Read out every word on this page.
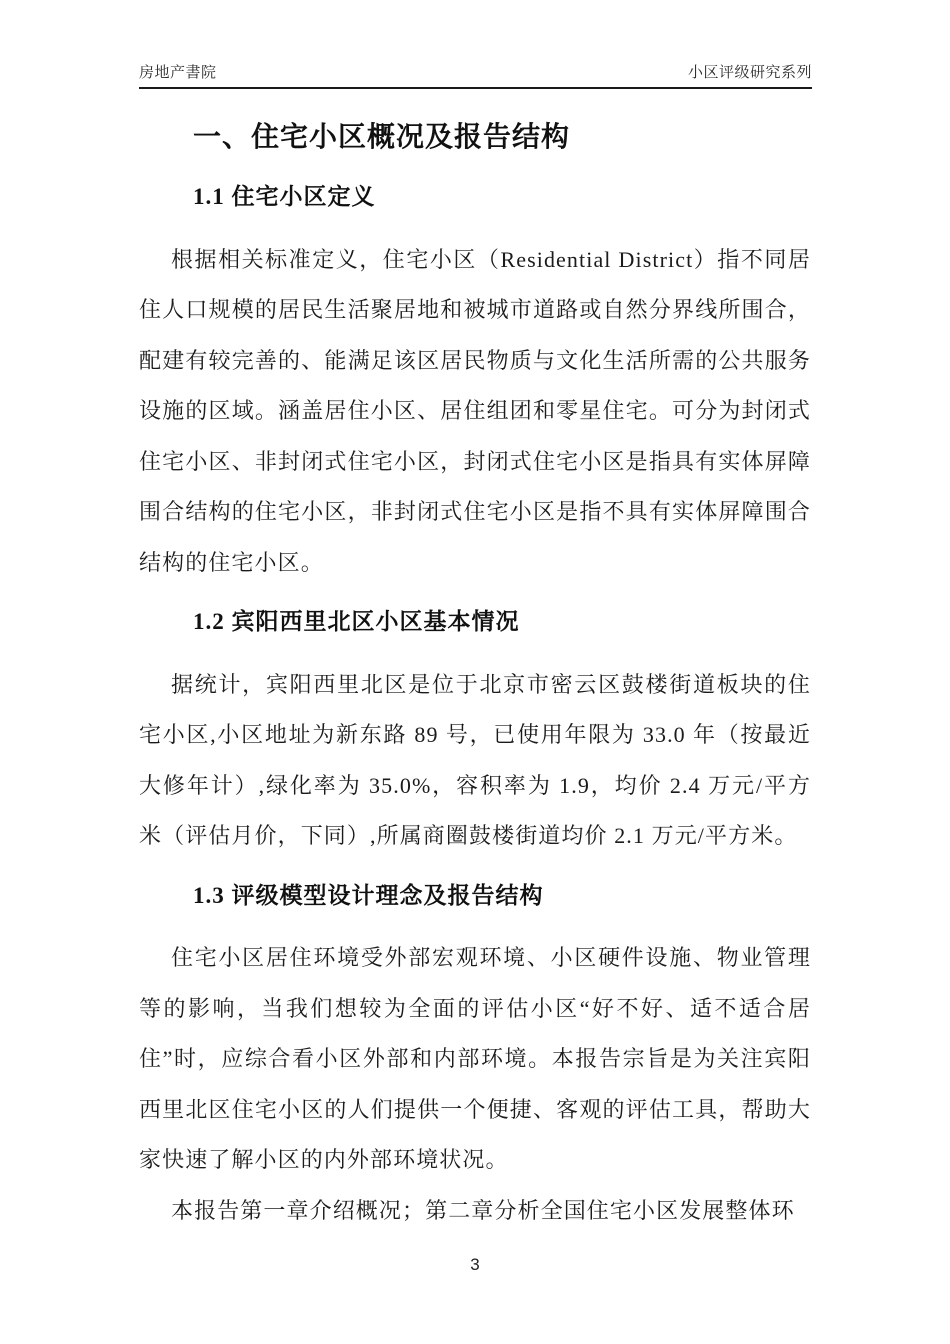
房地产書院	小区评级研究系列
一、住宅小区概况及报告结构
1.1 住宅小区定义

根据相关标准定义，住宅小区（Residential District）指不同居住人口规模的居民生活聚居地和被城市道路或自然分界线所围合，配建有较完善的、能满足该区居民物质与文化生活所需的公共服务设施的区域。涵盖居住小区、居住组团和零星住宅。可分为封闭式住宅小区、非封闭式住宅小区，封闭式住宅小区是指具有实体屏障围合结构的住宅小区，非封闭式住宅小区是指不具有实体屏障围合结构的住宅小区。

1.2 宾阳西里北区小区基本情况

据统计，宾阳西里北区是位于北京市密云区鼓楼街道板块的住宅小区,小区地址为新东路 89 号，已使用年限为 33.0 年（按最近大修年计）,绿化率为 35.0%，容积率为 1.9，均价 2.4 万元/平方米（评估月价，下同）,所属商圈鼓楼街道均价 2.1 万元/平方米。

1.3 评级模型设计理念及报告结构

住宅小区居住环境受外部宏观环境、小区硬件设施、物业管理等的影响，当我们想较为全面的评估小区“好不好、适不适合居住”时，应综合看小区外部和内部环境。本报告宗旨是为关注宾阳西里北区住宅小区的人们提供一个便捷、客观的评估工具，帮助大家快速了解小区的内外部环境状况。

本报告第一章介绍概况；第二章分析全国住宅小区发展整体环

3
